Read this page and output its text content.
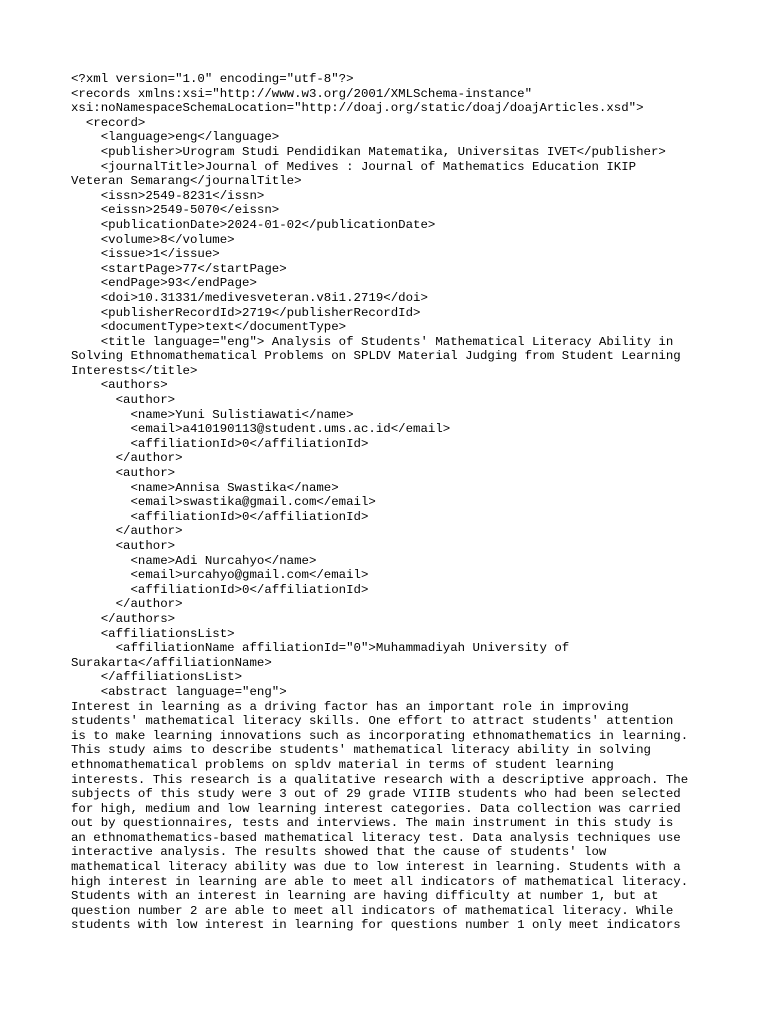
<?xml version="1.0" encoding="utf-8"?>
<records xmlns:xsi="http://www.w3.org/2001/XMLSchema-instance"
xsi:noNamespaceSchemaLocation="http://doaj.org/static/doaj/doajArticles.xsd">
<record>
<language>eng</language>
<publisher>Urogram Studi Pendidikan Matematika, Universitas IVET</publisher>
<journalTitle>Journal of Medives : Journal of Mathematics Education IKIP
Veteran Semarang</journalTitle>
<issn>2549-8231</issn>
<eissn>2549-5070</eissn>
<publicationDate>2024-01-02</publicationDate>
<volume>8</volume>
<issue>1</issue>
<startPage>77</startPage>
<endPage>93</endPage>
<doi>10.31331/medivesveteran.v8i1.2719</doi>
<publisherRecordId>2719</publisherRecordId>
<documentType>text</documentType>
<title language="eng"> Analysis of Students' Mathematical Literacy Ability in
Solving Ethnomathematical Problems on SPLDV Material Judging from Student Learning
Interests</title>
<authors>
<author>
<name>Yuni Sulistiawati</name>
<email>a410190113@student.ums.ac.id</email>
<affiliationId>0</affiliationId>
</author>
<author>
<name>Annisa Swastika</name>
<email>swastika@gmail.com</email>
<affiliationId>0</affiliationId>
</author>
<author>
<name>Adi Nurcahyo</name>
<email>urcahyo@gmail.com</email>
<affiliationId>0</affiliationId>
</author>
</authors>
<affiliationsList>
<affiliationName affiliationId="0">Muhammadiyah University of
Surakarta</affiliationName>
</affiliationsList>
<abstract language="eng">
Interest in learning as a driving factor has an important role in improving
students' mathematical literacy skills. One effort to attract students' attention
is to make learning innovations such as incorporating ethnomathematics in learning.
This study aims to describe students' mathematical literacy ability in solving
ethnomathematical problems on spldv material in terms of student learning
interests. This research is a qualitative research with a descriptive approach. The
subjects of this study were 3 out of 29 grade VIIIB students who had been selected
for high, medium and low learning interest categories. Data collection was carried
out by questionnaires, tests and interviews. The main instrument in this study is
an ethnomathematics-based mathematical literacy test. Data analysis techniques use
interactive analysis. The results showed that the cause of students' low
mathematical literacy ability was due to low interest in learning. Students with a
high interest in learning are able to meet all indicators of mathematical literacy.
Students with an interest in learning are having difficulty at number 1, but at
question number 2 are able to meet all indicators of mathematical literacy. While
students with low interest in learning for questions number 1 only meet indicators
